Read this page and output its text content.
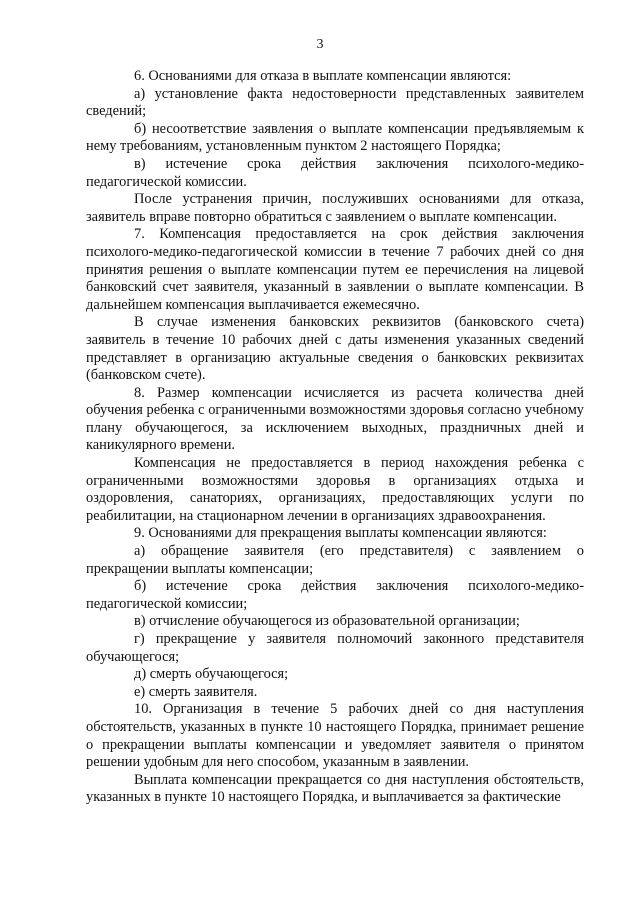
3

6. Основаниями для отказа в выплате компенсации являются:

а) установление факта недостоверности представленных заявителем сведений;

б) несоответствие заявления о выплате компенсации предъявляемым к нему требованиям, установленным пунктом 2 настоящего Порядка;

в) истечение срока действия заключения психолого-медико-педагогической комиссии.

После устранения причин, послуживших основаниями для отказа, заявитель вправе повторно обратиться с заявлением о выплате компенсации.

7. Компенсация предоставляется на срок действия заключения психолого-медико-педагогической комиссии в течение 7 рабочих дней со дня принятия решения о выплате компенсации путем ее перечисления на лицевой банковский счет заявителя, указанный в заявлении о выплате компенсации. В дальнейшем компенсация выплачивается ежемесячно.

В случае изменения банковских реквизитов (банковского счета) заявитель в течение 10 рабочих дней с даты изменения указанных сведений представляет в организацию актуальные сведения о банковских реквизитах (банковском счете).

8. Размер компенсации исчисляется из расчета количества дней обучения ребенка с ограниченными возможностями здоровья согласно учебному плану обучающегося, за исключением выходных, праздничных дней и каникулярного времени.

Компенсация не предоставляется в период нахождения ребенка с ограниченными возможностями здоровья в организациях отдыха и оздоровления, санаториях, организациях, предоставляющих услуги по реабилитации, на стационарном лечении в организациях здравоохранения.

9. Основаниями для прекращения выплаты компенсации являются:

а) обращение заявителя (его представителя) с заявлением о прекращении выплаты компенсации;

б) истечение срока действия заключения психолого-медико-педагогической комиссии;

в) отчисление обучающегося из образовательной организации;

г) прекращение у заявителя полномочий законного представителя обучающегося;

д) смерть обучающегося;

е) смерть заявителя.

10. Организация в течение 5 рабочих дней со дня наступления обстоятельств, указанных в пункте 10 настоящего Порядка, принимает решение о прекращении выплаты компенсации и уведомляет заявителя о принятом решении удобным для него способом, указанным в заявлении.

Выплата компенсации прекращается со дня наступления обстоятельств, указанных в пункте 10 настоящего Порядка, и выплачивается за фактические
